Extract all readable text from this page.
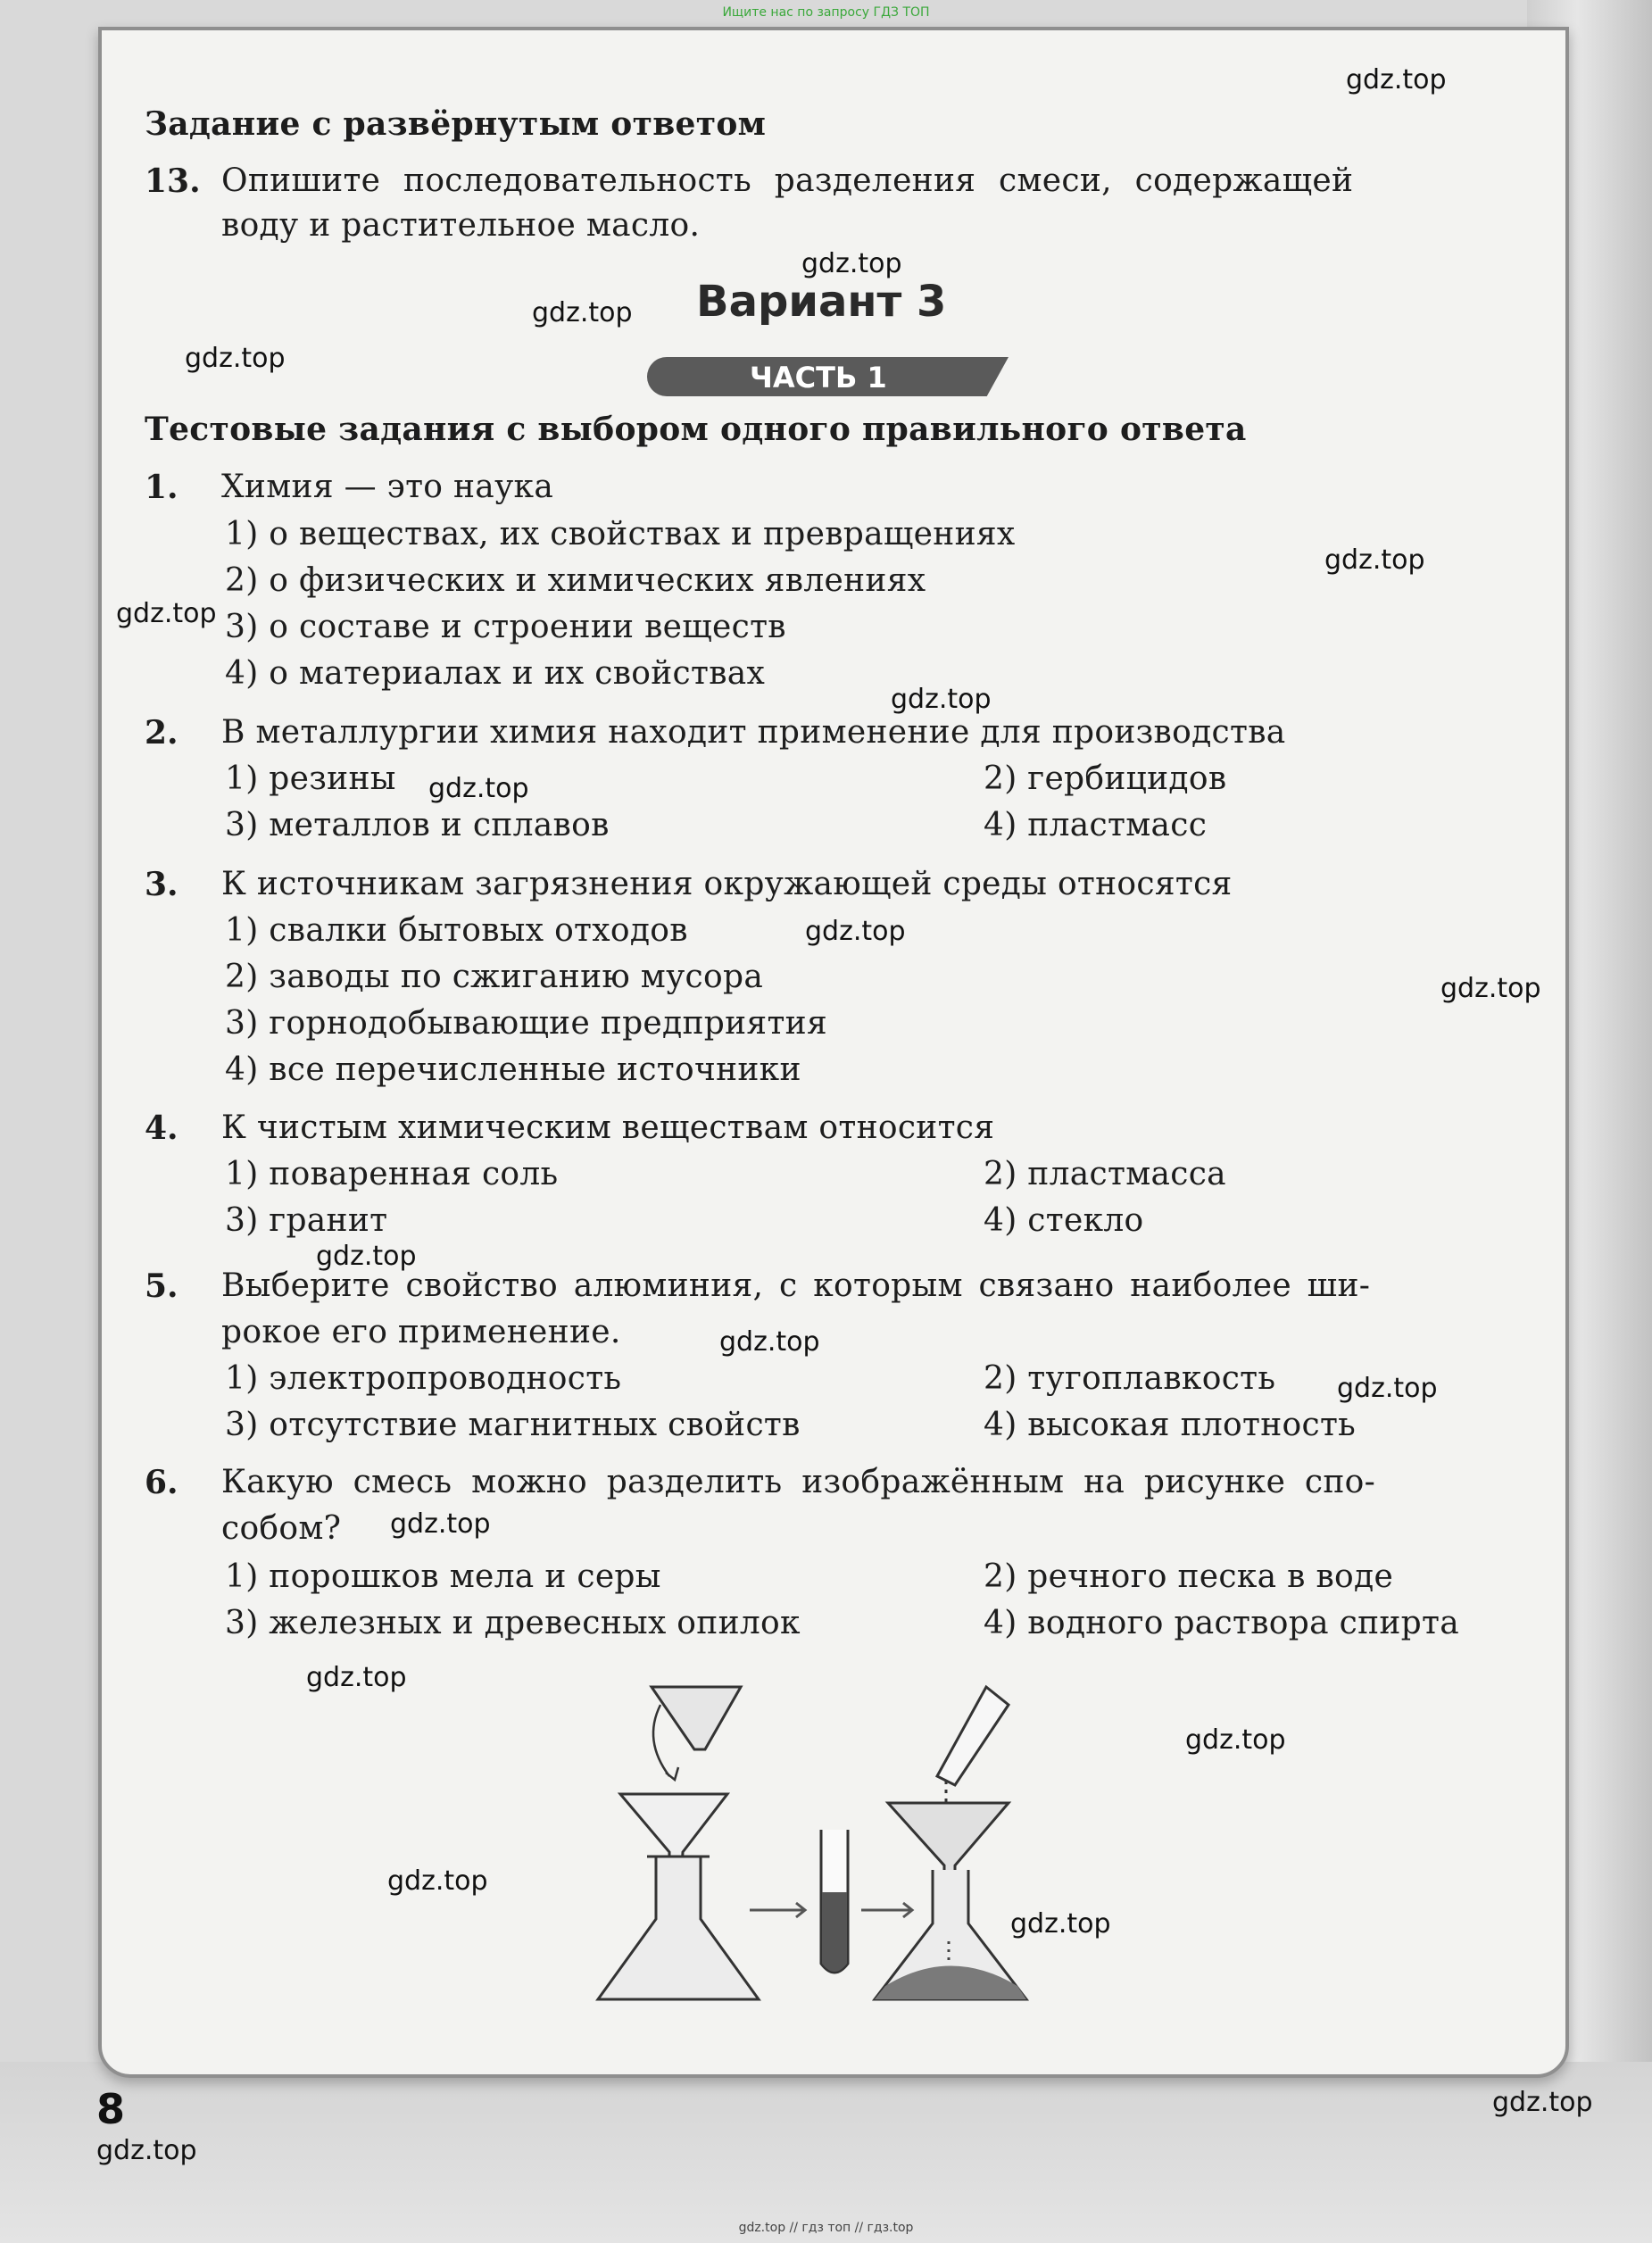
Ищите нас по запросу ГДЗ ТОП
Задание с развёрнутым ответом
13. Опишите последовательность разделения смеси, содержащей
воду и растительное масло.
Вариант 3
ЧАСТЬ 1
Тестовые задания с выбором одного правильного ответа
1. Химия — это наука
1) о веществах, их свойствах и превращениях
2) о физических и химических явлениях
3) о составе и строении веществ
4) о материалах и их свойствах
2. В металлургии химия находит применение для производства
1) резины	2) гербицидов
3) металлов и сплавов	4) пластмасс
3. К источникам загрязнения окружающей среды относятся
1) свалки бытовых отходов
2) заводы по сжиганию мусора
3) горнодобывающие предприятия
4) все перечисленные источники
4. К чистым химическим веществам относится
1) поваренная соль	2) пластмасса
3) гранит	4) стекло
5. Выберите свойство алюминия, с которым связано наиболее ши-
рокое его применение.
1) электропроводность	2) тугоплавкость
3) отсутствие магнитных свойств	4) высокая плотность
6. Какую смесь можно разделить изображённым на рисунке спо-
собом?
1) порошков мела и серы	2) речного песка в воде
3) железных и древесных опилок	4) водного раствора спирта
gdz.top
gdz.top
gdz.top
gdz.top
gdz.top
gdz.top
gdz.top
gdz.top
gdz.top
gdz.top
gdz.top
gdz.top
gdz.top
gdz.top
gdz.top
gdz.top
gdz.top
gdz.top
gdz.top
gdz.top
8
gdz.top // гдз топ // гдз.top
